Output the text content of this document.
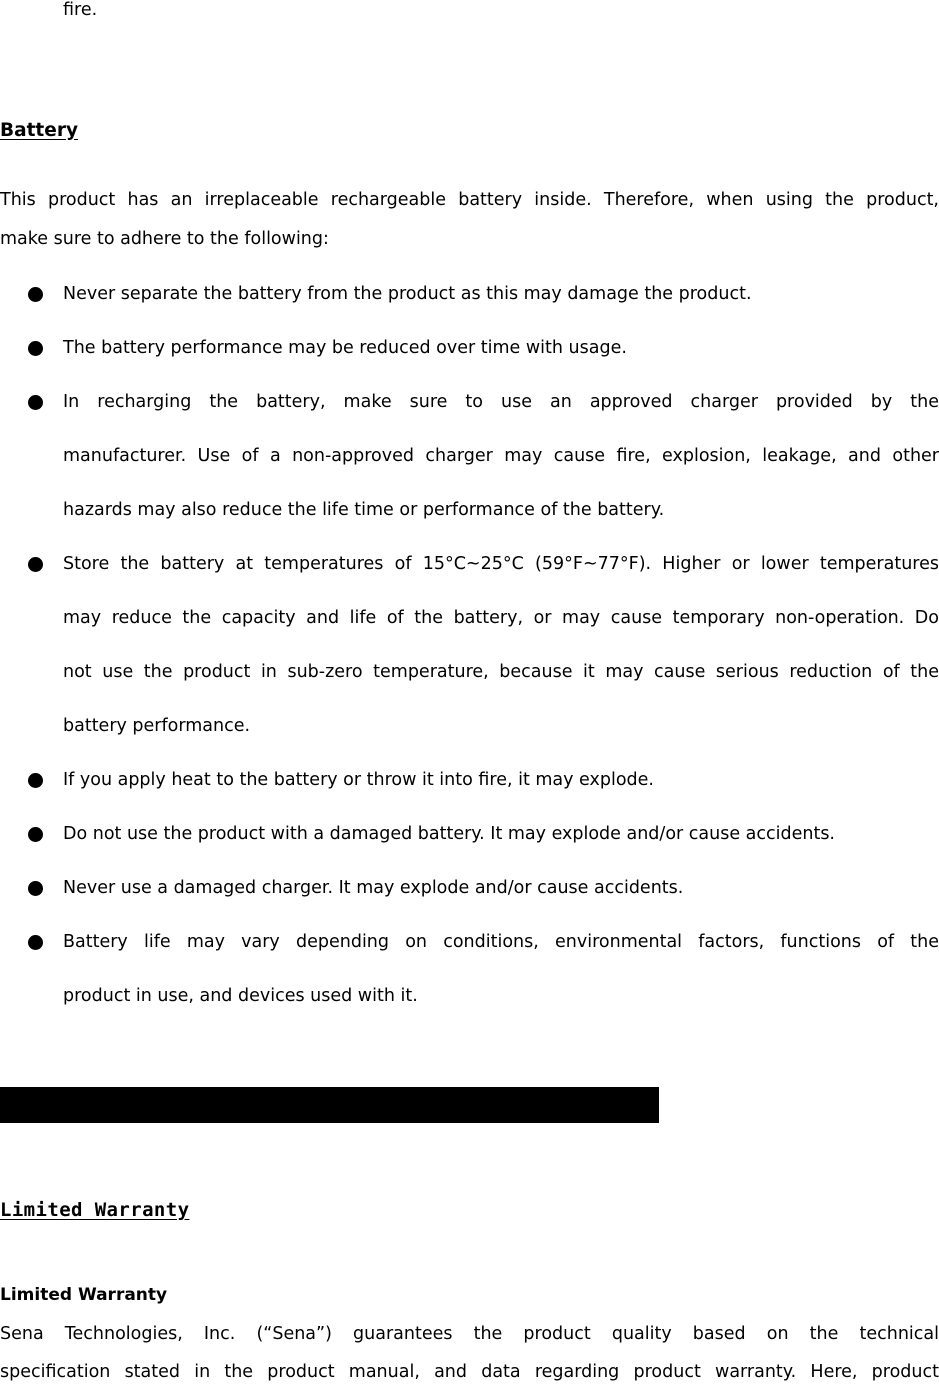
fire.

Battery

This product has an irreplaceable rechargeable battery inside. Therefore, when using the product,

make sure to adhere to the following:

Never separate the battery from the product as this may damage the product.

The battery performance may be reduced over time with usage.

In recharging the battery, make sure to use an approved charger provided by the

manufacturer. Use of a non-approved charger may cause fire, explosion, leakage, and other

hazards may also reduce the life time or performance of the battery.

Store the battery at temperatures of 15°C~25°C (59°F~77°F). Higher or lower temperatures

may reduce the capacity and life of the battery, or may cause temporary non-operation. Do

not use the product in sub-zero temperature, because it may cause serious reduction of the

battery performance.

If you apply heat to the battery or throw it into fire, it may explode.

Do not use the product with a damaged battery. It may explode and/or cause accidents.

Never use a damaged charger. It may explode and/or cause accidents.

Battery life may vary depending on conditions, environmental factors, functions of the

product in use, and devices used with it.

Limited Warranty

Limited Warranty

Sena Technologies, Inc. (“Sena”) guarantees the product quality based on the technical

specification stated in the product manual, and data regarding product warranty. Here, product
